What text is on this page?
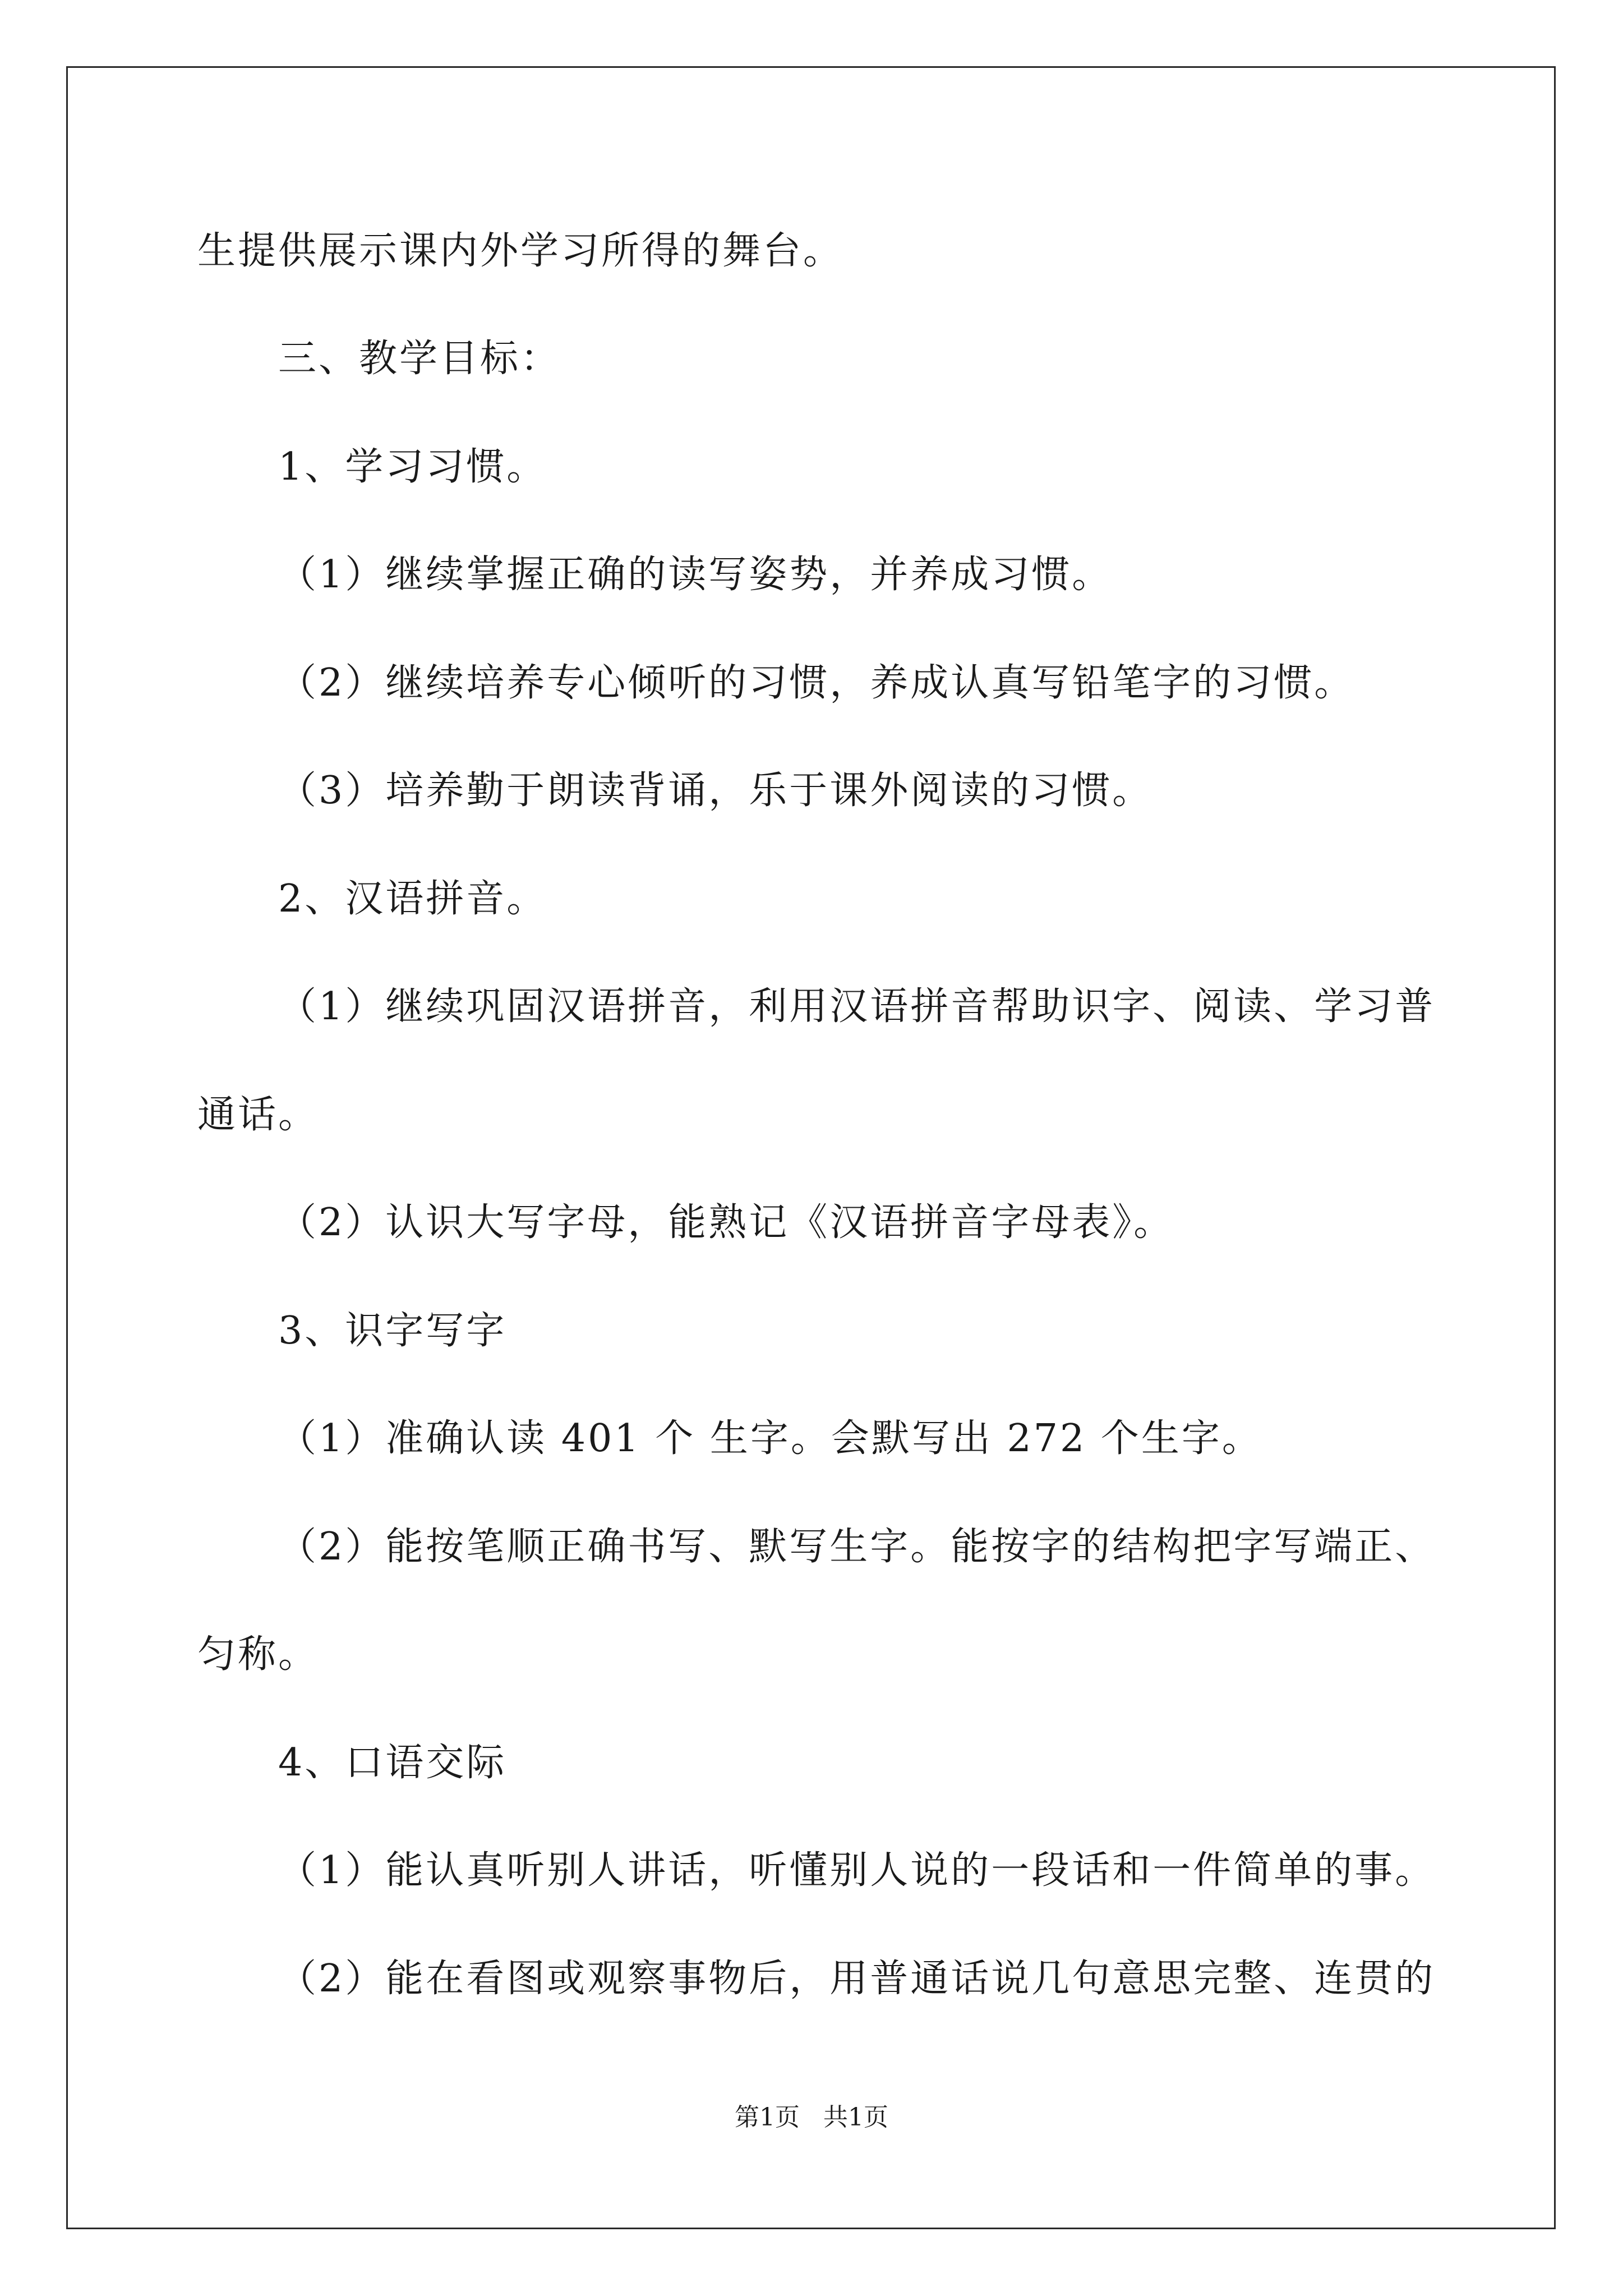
生提供展示课内外学习所得的舞台。
三、教学目标：
1、学习习惯。
（1）继续掌握正确的读写姿势，并养成习惯。
（2）继续培养专心倾听的习惯，养成认真写铅笔字的习惯。
（3）培养勤于朗读背诵，乐于课外阅读的习惯。
2、汉语拼音。
（1）继续巩固汉语拼音，利用汉语拼音帮助识字、阅读、学习普
通话。
（2）认识大写字母，能熟记《汉语拼音字母表》。
3、识字写字
（1）准确认读 401 个 生字。会默写出 272 个生字。
（2）能按笔顺正确书写、默写生字。能按字的结构把字写端正、
匀称。
4、口语交际
（1）能认真听别人讲话，听懂别人说的一段话和一件简单的事。
（2）能在看图或观察事物后，用普通话说几句意思完整、连贯的
第1页   共1页
